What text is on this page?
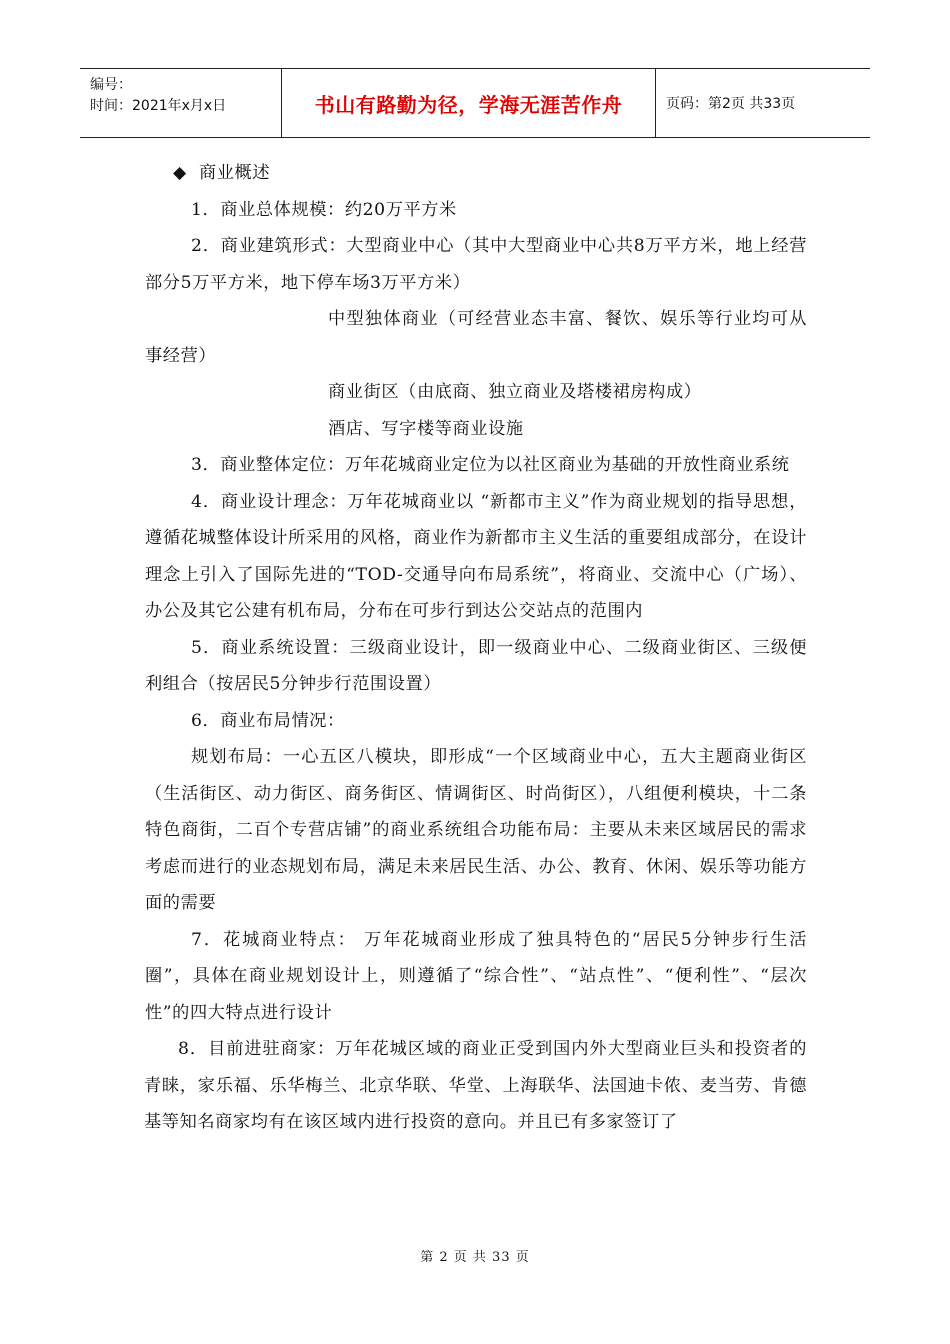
编号：
时间：2021年x月x日	书山有路勤为径，学海无涯苦作舟	页码：第2页 共33页

◆ 商业概述

1．商业总体规模：约20万平方米

2．商业建筑形式：大型商业中心（其中大型商业中心共8万平方米，地上经营部分5万平方米，地下停车场3万平方米）

中型独体商业（可经营业态丰富、餐饮、娱乐等行业均可从事经营）

商业街区（由底商、独立商业及塔楼裙房构成）

酒店、写字楼等商业设施

3．商业整体定位：万年花城商业定位为以社区商业为基础的开放性商业系统

4．商业设计理念：万年花城商业以 “新都市主义”作为商业规划的指导思想，遵循花城整体设计所采用的风格，商业作为新都市主义生活的重要组成部分，在设计理念上引入了国际先进的“TOD-交通导向布局系统”，将商业、交流中心（广场）、办公及其它公建有机布局，分布在可步行到达公交站点的范围内

5．商业系统设置：三级商业设计，即一级商业中心、二级商业街区、三级便利组合（按居民5分钟步行范围设置）

6．商业布局情况：

规划布局：一心五区八模块，即形成“一个区域商业中心，五大主题商业街区（生活街区、动力街区、商务街区、情调街区、时尚街区），八组便利模块，十二条特色商街，二百个专营店铺”的商业系统组合功能布局：主要从未来区域居民的需求考虑而进行的业态规划布局，满足未来居民生活、办公、教育、休闲、娱乐等功能方面的需要

7．花城商业特点： 万年花城商业形成了独具特色的“居民5分钟步行生活圈”，具体在商业规划设计上，则遵循了“综合性”、“站点性”、“便利性”、“层次性”的四大特点进行设计

8．目前进驻商家：万年花城区域的商业正受到国内外大型商业巨头和投资者的青睐，家乐福、乐华梅兰、北京华联、华堂、上海联华、法国迪卡侬、麦当劳、肯德基等知名商家均有在该区域内进行投资的意向。并且已有多家签订了

第 2 页 共 33 页
